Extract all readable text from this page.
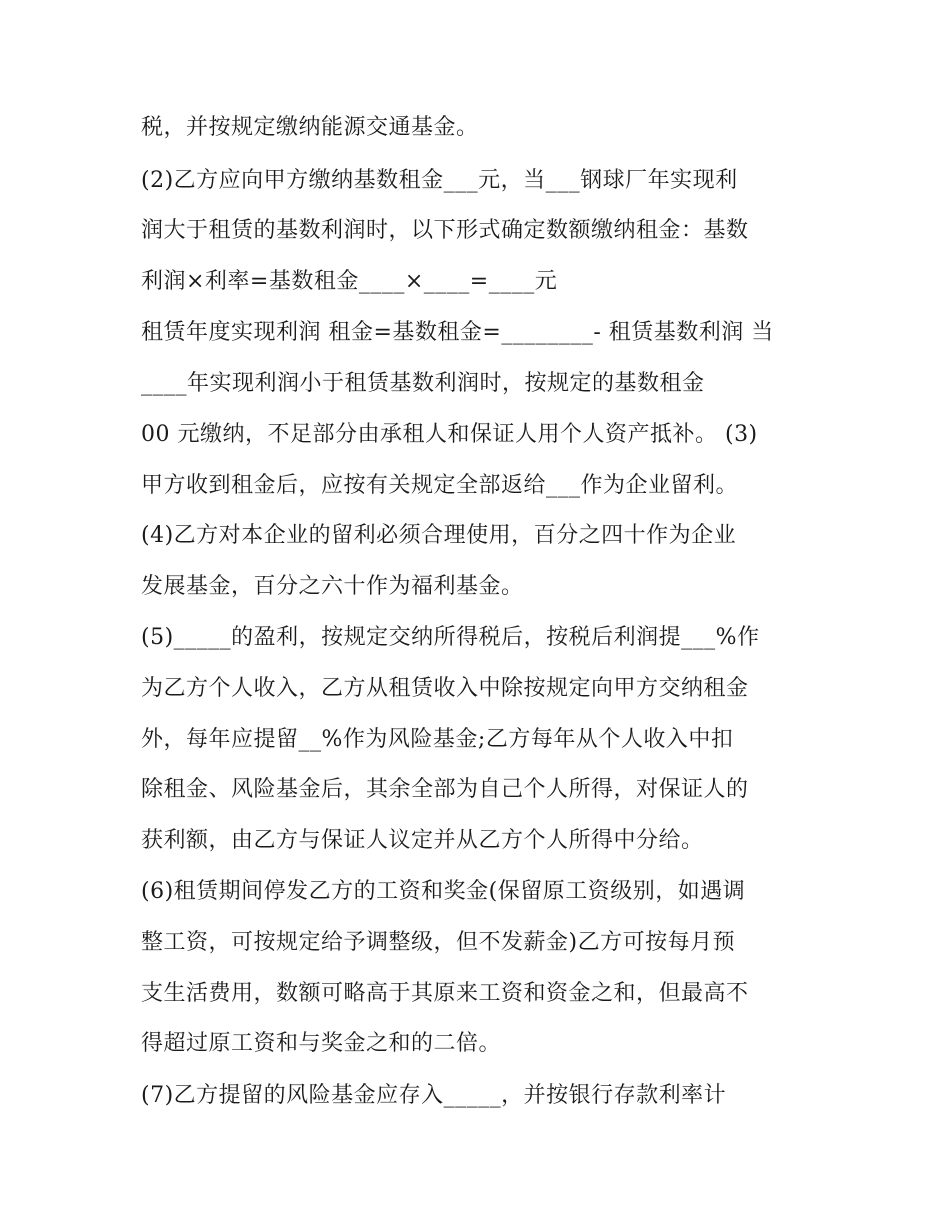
税，并按规定缴纳能源交通基金。
(2)乙方应向甲方缴纳基数租金___元，当___钢球厂年实现利
润大于租赁的基数利润时，以下形式确定数额缴纳租金：基数
利润×利率=基数租金____×____=____元
租赁年度实现利润 租金=基数租金=________- 租赁基数利润 当
____年实现利润小于租赁基数利润时，按规定的基数租金
00 元缴纳，不足部分由承租人和保证人用个人资产抵补。 (3)
甲方收到租金后，应按有关规定全部返给___作为企业留利。
(4)乙方对本企业的留利必须合理使用，百分之四十作为企业
发展基金，百分之六十作为福利基金。
(5)_____的盈利，按规定交纳所得税后，按税后利润提___%作
为乙方个人收入，乙方从租赁收入中除按规定向甲方交纳租金
外，每年应提留__%作为风险基金;乙方每年从个人收入中扣
除租金、风险基金后，其余全部为自己个人所得，对保证人的
获利额，由乙方与保证人议定并从乙方个人所得中分给。
(6)租赁期间停发乙方的工资和奖金(保留原工资级别，如遇调
整工资，可按规定给予调整级，但不发薪金)乙方可按每月预
支生活费用，数额可略高于其原来工资和资金之和，但最高不
得超过原工资和与奖金之和的二倍。
(7)乙方提留的风险基金应存入_____，并按银行存款利率计
